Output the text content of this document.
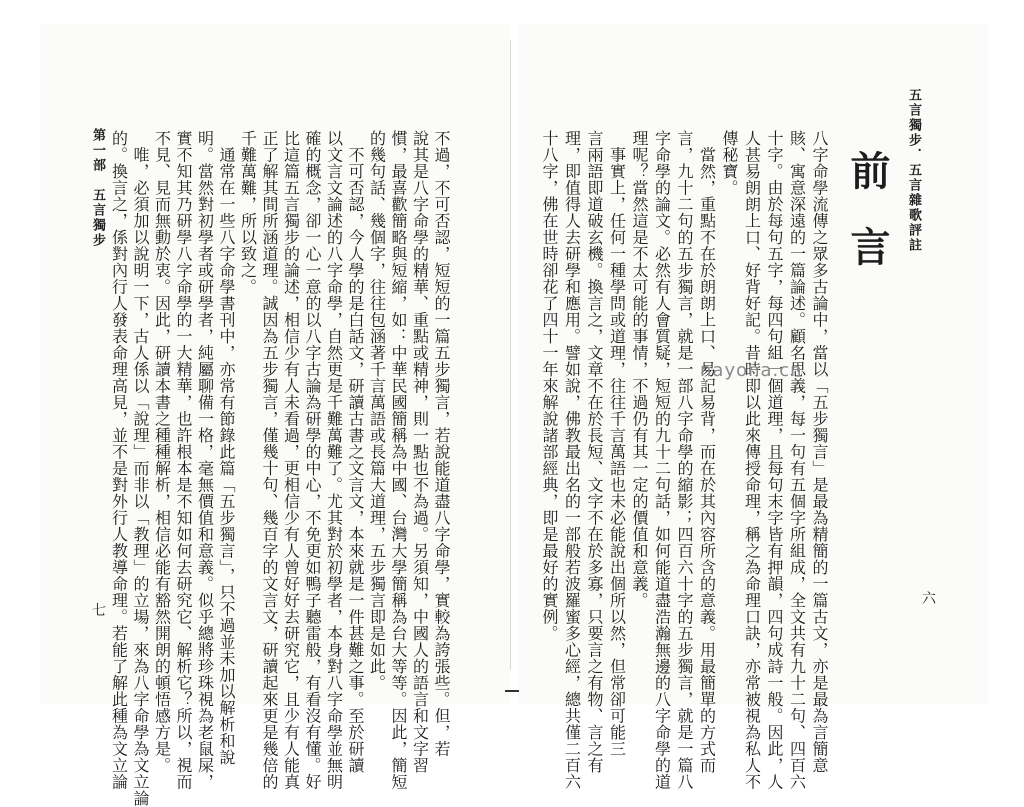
五言獨步．五言雜歌評註
前
言
六
八字命學流傳之眾多古論中，當以「五步獨言」是最為精簡的一篇古文，亦是最為言簡意
賅、寓意深遠的一篇論述。顧名思義，每一句有五個字所組成，全文共有九十二句、四百六
十字。由於每句五字，每四句組一個道理，且每句末字皆有押韻，四句成詩一般。因此，人
人甚易朗朗上口、好背好記。昔時即以此來傳授命理，稱之為命理口訣，亦常被視為私人不
傳秘寶。
　當然，重點不在於朗朗上口、易記易背，而在於其內容所含的意義。用最簡單的方式而
言，九十二句的五步獨言，就是一部八字命學的縮影；四百六十字的五步獨言，就是一篇八
字命學的論文。必然有人會質疑，短短的九十二句話，如何能道盡浩瀚無邊的八字命學的道
理呢？當然這是不太可能的事情，不過仍有其一定的價值和意義。
　事實上，任何一種學問或道理，往往千言萬語也未必能說出個所以然，但常卻可能三
言兩語即道破玄機。換言之，文章不在於長短、文字不在於多寡，只要言之有物、言之有
理，即值得人去研學和應用。譬如說，佛教最出名的一部般若波羅蜜多心經，總共僅二百六
十八字，佛在世時卻花了四十一年來解說諸部經典，即是最好的實例。
不過，不可否認，短短的一篇五步獨言，若說能道盡八字命學，實較為誇張些。但，若
說其是八字命學的精華、重點或精神，則一點也不為過。另須知，中國人的語言和文字習
慣，最喜歡簡略與短縮，如：中華民國簡稱為中國、台灣大學簡稱為台大等等。因此，簡短
的幾句話、幾個字，往往包涵著千言萬語或長篇大道理，五步獨言即是如此。
　不可否認，今人學的是白話文，研讀古書之文言文，本來就是一件甚難之事。至於研讀
以文言文論述的八字命學，自然更是千難萬難了。尤其對於初學者，本身對八字命學並無明
確的概念，卻一心一意的以八字古論為研學的中心，不免更如鴨子聽雷般，有看沒有懂。好
比這篇五言獨步的論述，相信少有人未看過，更相信少有人曾好好去研究它，且少有人能真
正了解其間所涵道理。誠因為五步獨言，僅幾十句、幾百字的文言文，研讀起來更是幾倍的
千難萬難，所以致之。
　通常在一些八字命學書刊中，亦常有節錄此篇「五步獨言」，只不過並未加以解析和說
明。當然對初學者或研學者，純屬聊備一格，毫無價值和意義。似乎總將珍珠視為老鼠屎，
實不知其乃研學八字命學的一大精華，也許根本是不知如何去研究它、解析它？所以，視而
不見、見而無動於衷。因此，研讀本書之種種解析，相信必能有豁然開朗的頓悟感方是。
　唯，必須加以說明一下，古人係以「說理」而非以「教理」的立場，來為八字命學為文立論
的。換言之，係對內行人發表命理高見，並不是對外行人教導命理。若能了解此種為文立論
第一部　五言獨步
七
nayona.cn
